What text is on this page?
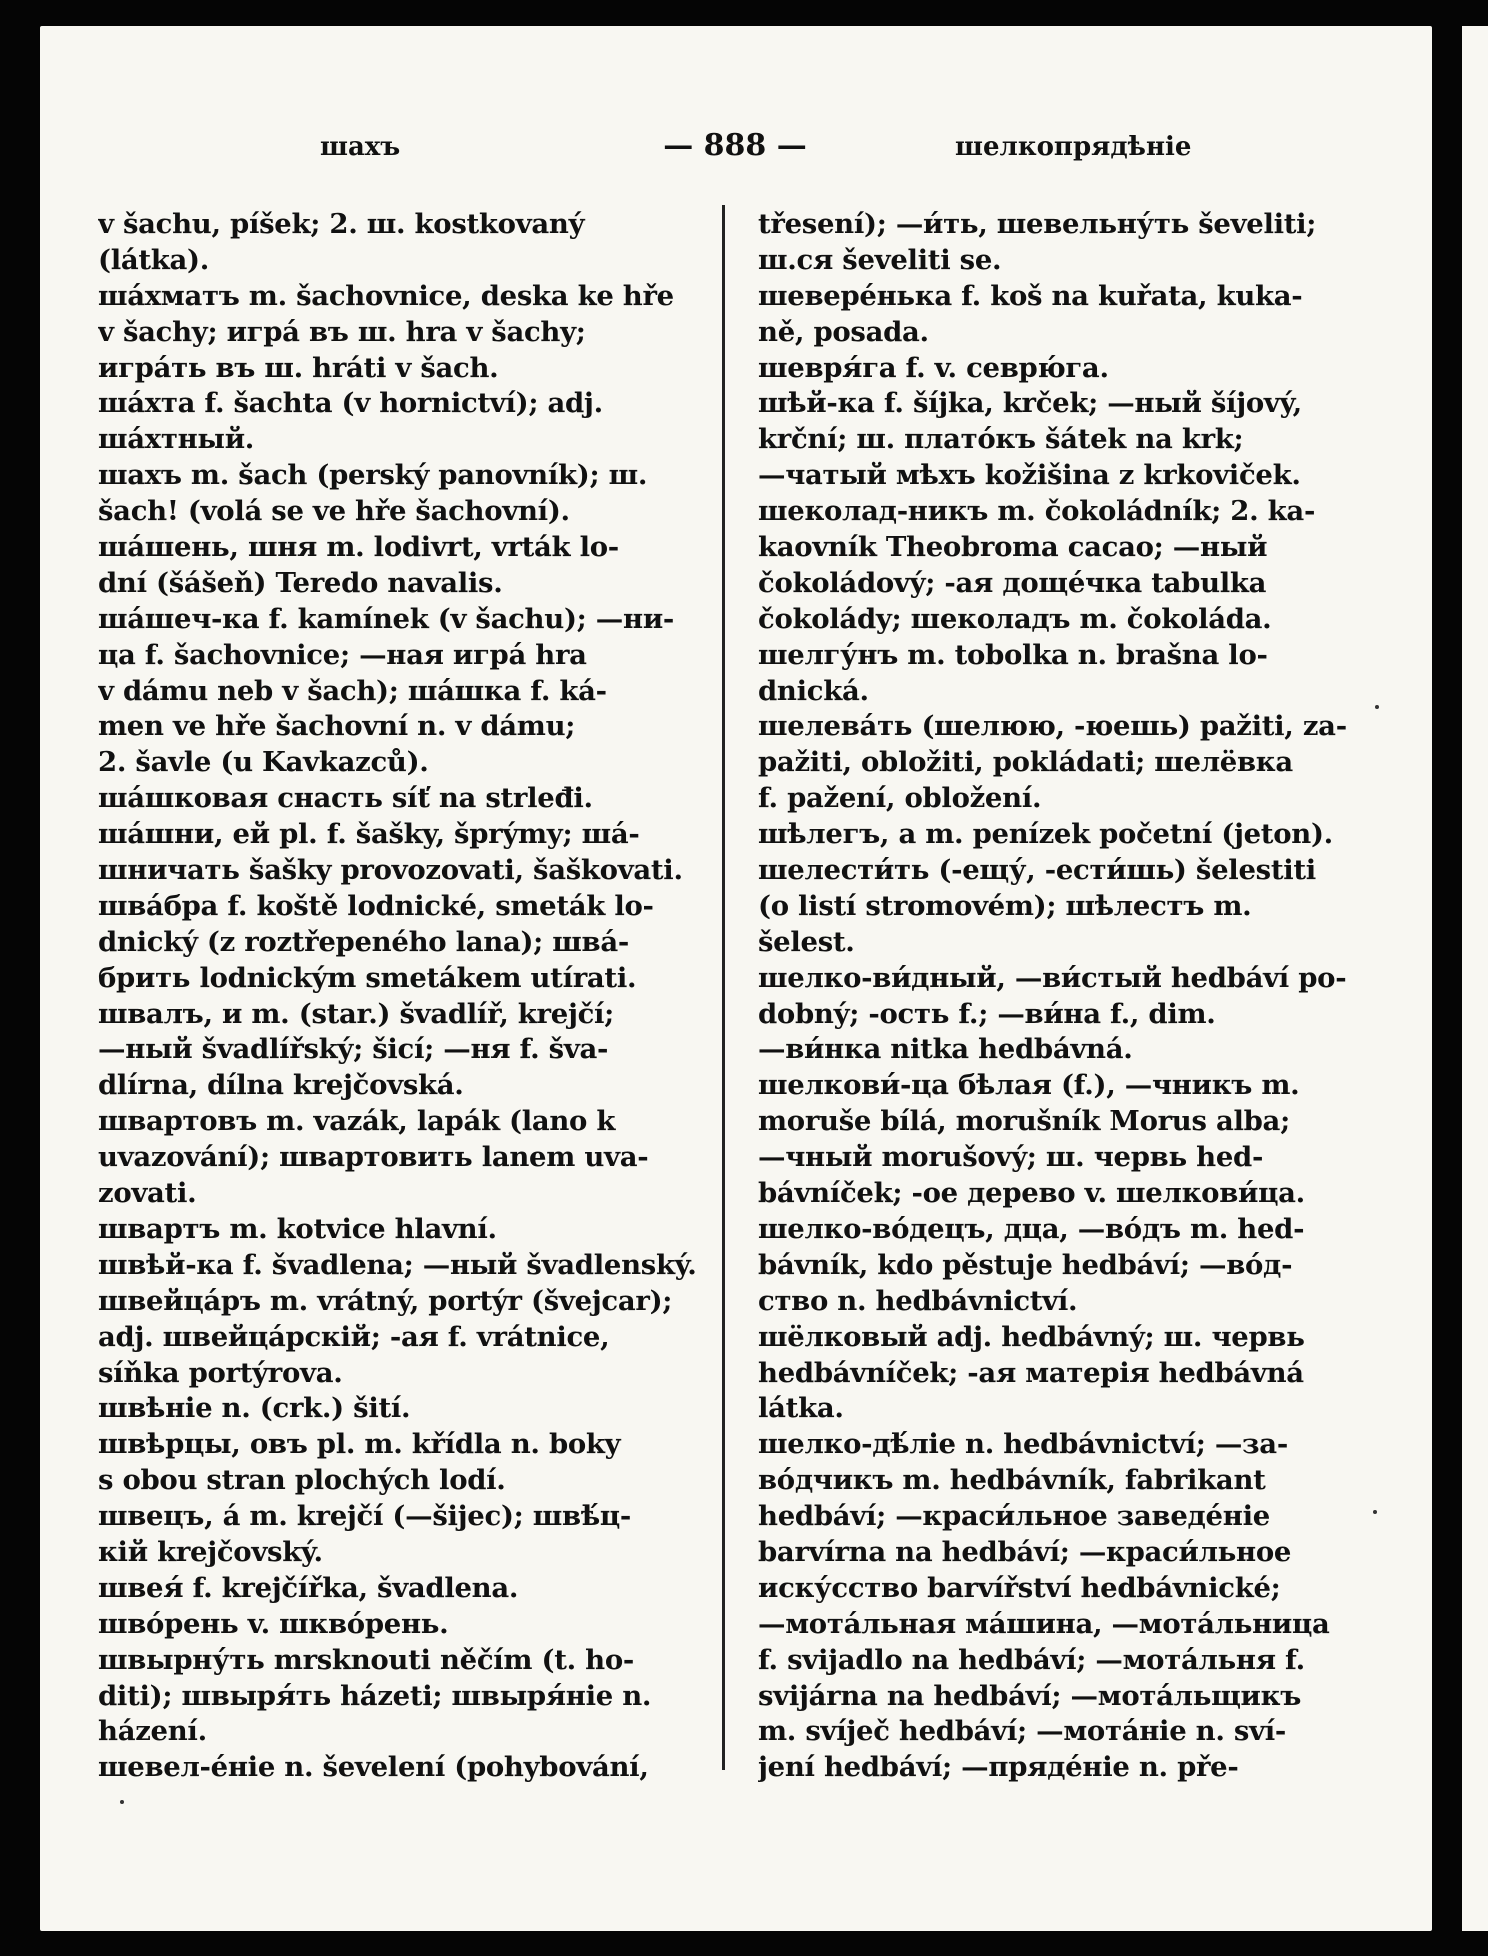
шахъ	— 888 —	шелкопрядѣніе
v šachu, píšek; 2. ш. kostkovaný
(látka).
ша́хматъ m. šachovnice, deska ke hře
v šachy; игра́ въ ш. hra v šachy;
игра́ть въ ш. hráti v šach.
ша́хта f. šachta (v hornictví); adj.
ша́хтный.
шахъ m. šach (perský panovník); ш.
šach! (volá se ve hře šachovní).
ша́шень, шня m. lodivrt, vrták lo-
dní (šášeň) Teredo navalis.
ша́шеч-ка f. kamínek (v šachu); —ни-
ца f. šachovnice; —ная игра́ hra
v dámu neb v šach); ша́шка f. ká-
men ve hře šachovní n. v dámu;
2. šavle (u Kavkazců).
ша́шковая снасть síť na strleđi.
ша́шни, ей pl. f. šašky, šprýmy; ша́-
шничать šašky provozovati, šaškovati.
шва́бра f. koště lodnické, smeták lo-
dnický (z roztřepeného lana); шва́-
брить lodnickým smetákem utírati.
швалъ, и m. (star.) švadlíř, krejčí;
—ный švadlířský; šicí; —ня f. šva-
dlírna, dílna krejčovská.
швартовъ m. vazák, lapák (lano k
uvazování); швартовить lanem uva-
zovati.
швартъ m. kotvice hlavní.
швѣй-ка f. švadlena; —ный švadlenský.
швейца́ръ m. vrátný, portýr (švejcar);
adj. швейца́рскій; -ая f. vrátnice,
síňka portýrova.
швѣніе n. (crk.) šití.
швѣрцы, овъ pl. m. křídla n. boky
s obou stran plochých lodí.
швецъ, á m. krejčí (—šijec); швѣ́ц-
кій krejčovský.
швея́ f. krejčířka, švadlena.
шво́рень v. шкво́рень.
швырну́ть mrsknouti něčím (t. ho-
diti); швыря́ть házeti; швыря́ніе n.
házení.
шевел-е́ніе n. ševelení (pohybování,
třesení); —и́ть, шевельну́ть ševeliti;
ш.ся ševeliti se.
шевере́нька f. koš na kuřata, kuka-
ně, posada.
шевря́га f. v. севрю́га.
шѣй-ка f. šíjka, krček; —ный šíjový,
krční; ш. плато́къ šátek na krk;
—чатый мѣхъ kožišina z krkoviček.
шеколад-никъ m. čokoládník; 2. ka-
kaovník Theobroma cacao; —ный
čokoládový; -ая доще́чка tabulka
čokolády; шеколадъ m. čokoláda.
шелгу́нъ m. tobolka n. brašna lo-
dnická.
шелева́ть (шелюю, -юешь) pažiti, za-
pažiti, obložiti, pokládati; шелёвка
f. pažení, obložení.
шѣлегъ, а m. penízek početní (jeton).
шелести́ть (-ещу́, -ести́шь) šelestiti
(o listí stromovém); шѣлестъ m.
šelest.
шелко-ви́дный, —ви́стый hedbáví po-
dobný; -ость f.; —ви́на f., dim.
—ви́нка nitka hedbávná.
шелкови́-ца бѣлая (f.), —чникъ m.
moruše bílá, morušník Morus alba;
—чный morušový; ш. червь hed-
bávníček; -ое дерево v. шелкови́ца.
шелко-во́децъ, дца, —во́дъ m. hed-
bávník, kdo pěstuje hedbáví; —во́д-
ство n. hedbávnictví.
шёлковый adj. hedbávný; ш. червь
hedbávníček; -ая матерія hedbávná
látka.
шелко-дѣ́ліе n. hedbávnictví; —за-
во́дчикъ m. hedbávník, fabrikant
hedbáví; —краси́льное заведе́ніе
barvírna na hedbáví; —краси́льное
иску́сство barvířství hedbávnické;
—мота́льная ма́шина, —мота́льница
f. svijadlo na hedbáví; —мота́льня f.
svijárna na hedbáví; —мота́льщикъ
m. svíječ hedbáví; —мота́ніе n. sví-
jení hedbáví; —пряде́ніе n. pře-
